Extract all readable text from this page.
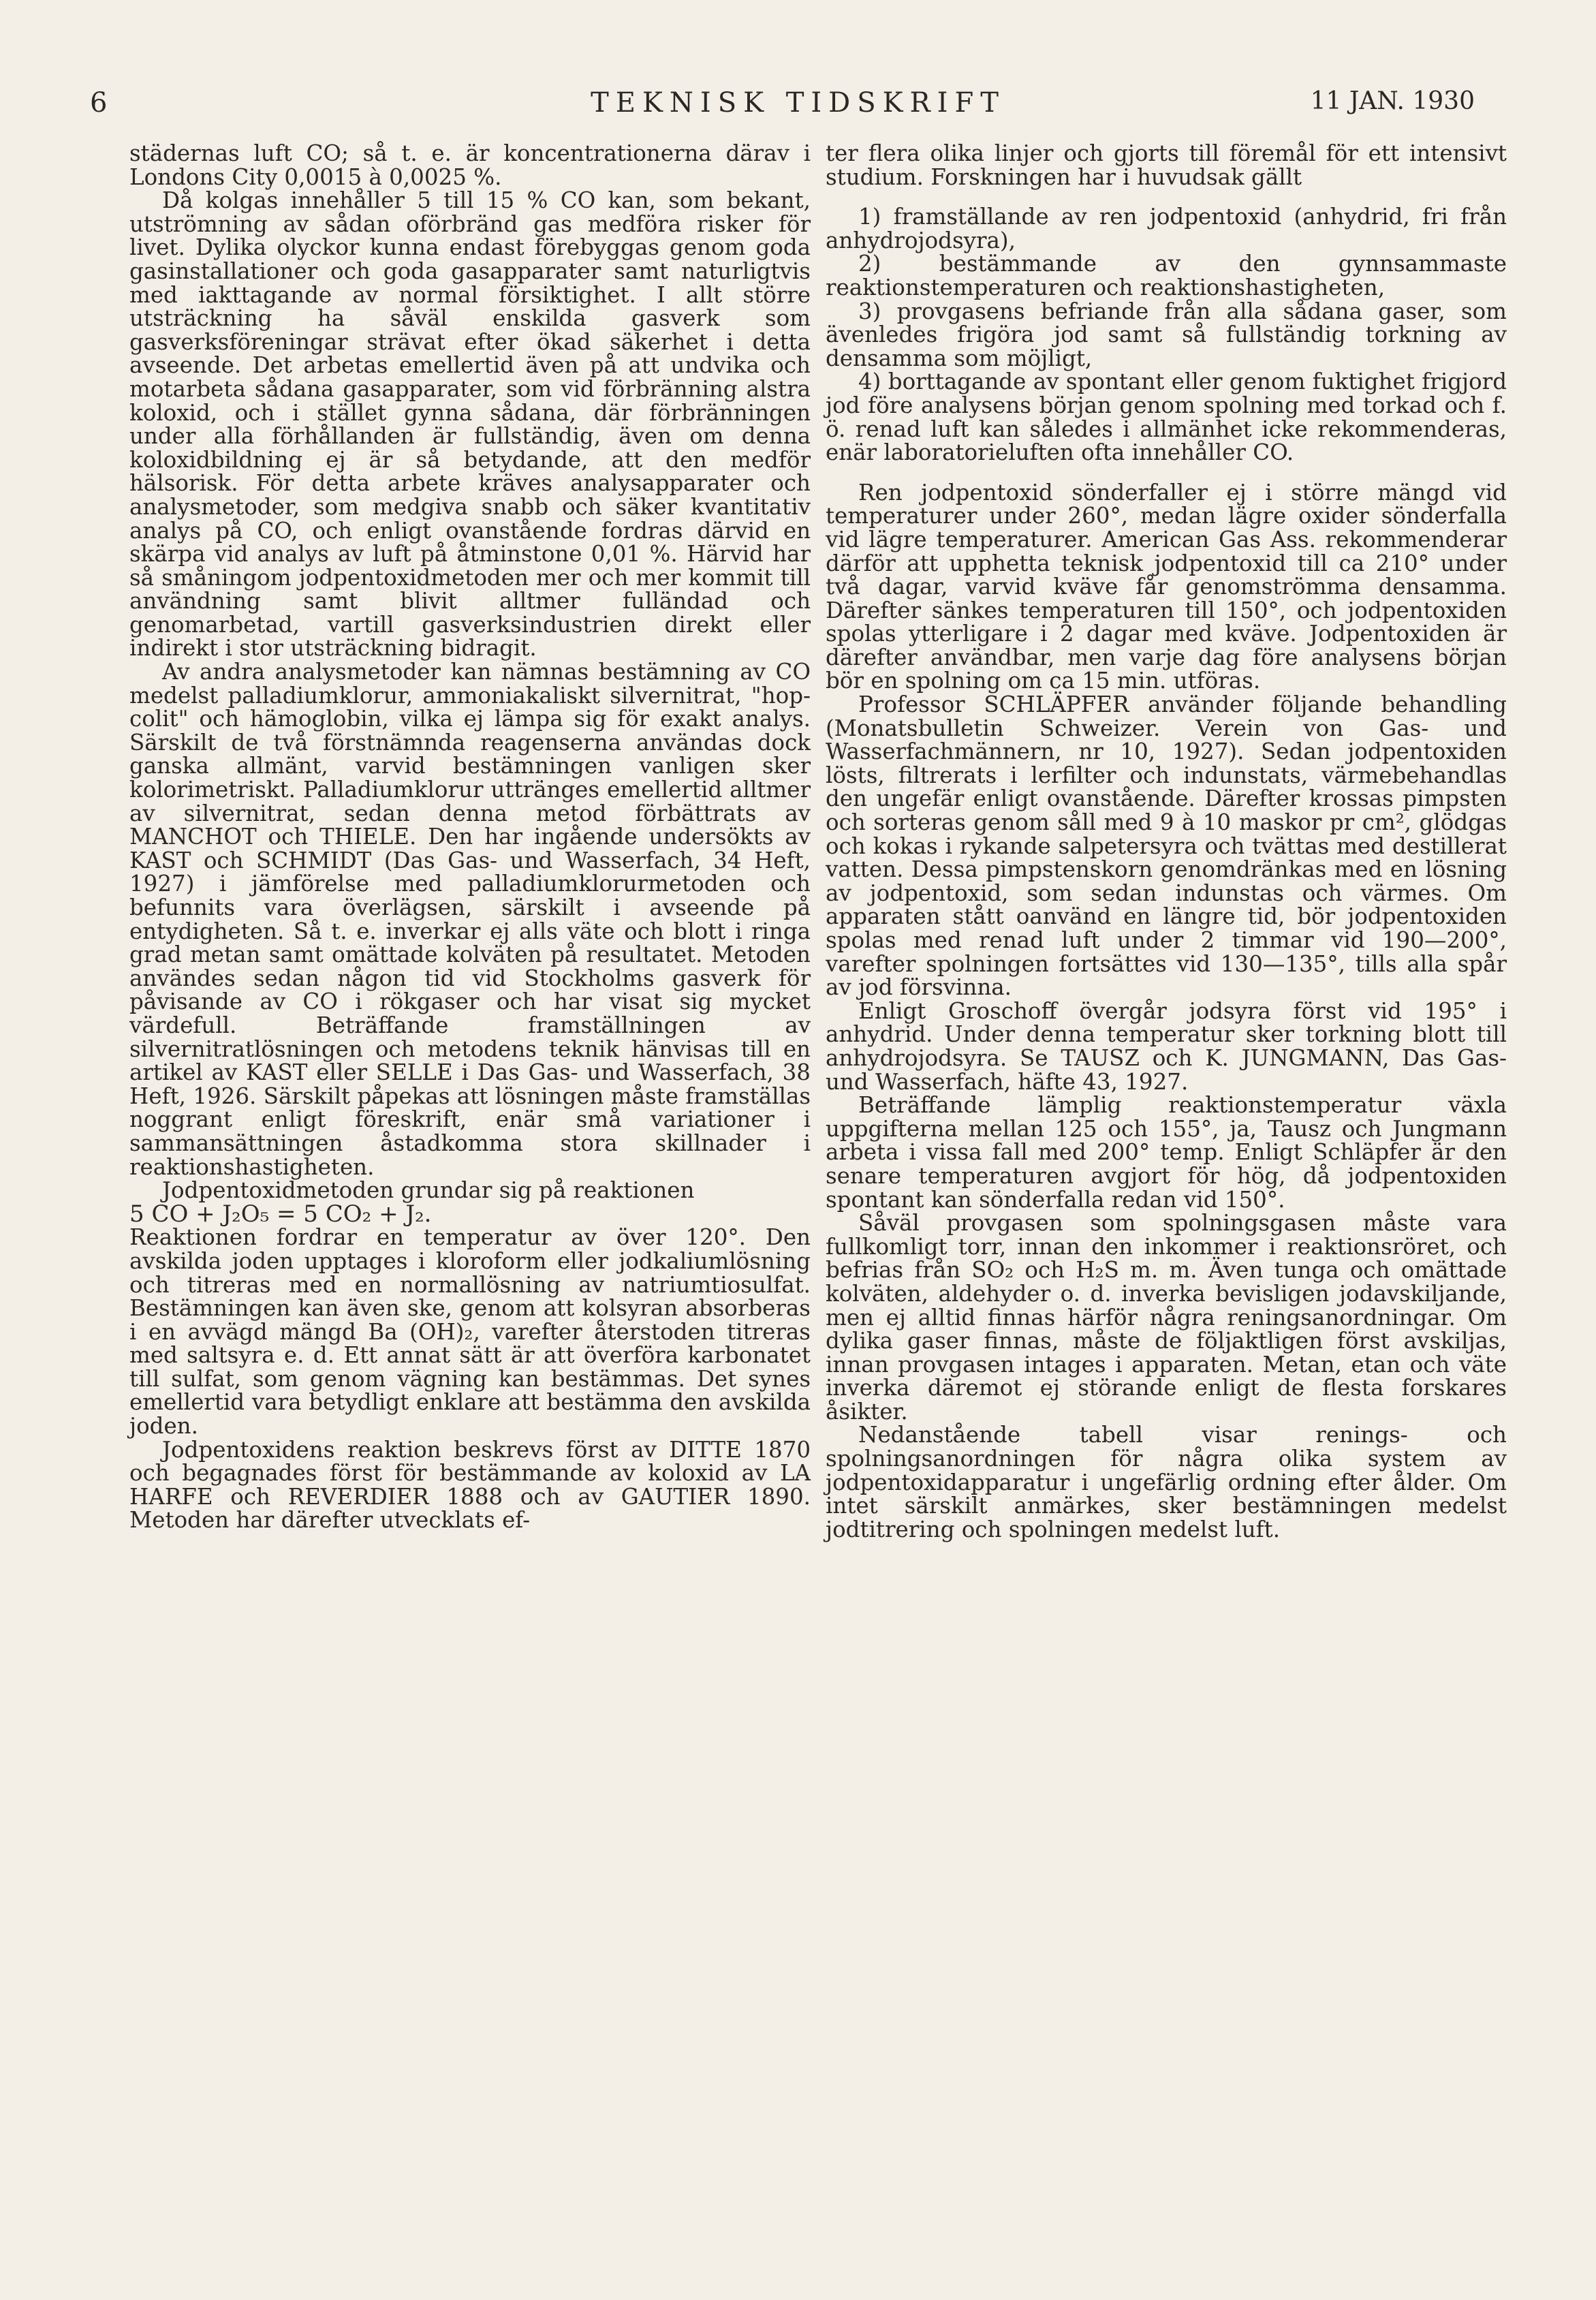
6	TEKNISK TIDSKRIFT	11 JAN. 1930

städernas luft CO; så t. e. är koncentrationerna därav i Londons City 0,0015 à 0,0025 %.

Då kolgas innehåller 5 till 15 % CO kan, som bekant, utströmning av sådan oförbränd gas medföra risker för livet. Dylika olyckor kunna endast förebyggas genom goda gasinstallationer och goda gasapparater samt naturligtvis med iakttagande av normal försiktighet. I allt större utsträckning ha såväl enskilda gasverk som gasverksföreningar strävat efter ökad säkerhet i detta avseende. Det arbetas emellertid även på att undvika och motarbeta sådana gasapparater, som vid förbränning alstra koloxid, och i stället gynna sådana, där förbränningen under alla förhållanden är fullständig, även om denna koloxidbildning ej är så betydande, att den medför hälsorisk. För detta arbete kräves analysapparater och analysmetoder, som medgiva snabb och säker kvantitativ analys på CO, och enligt ovanstående fordras därvid en skärpa vid analys av luft på åtminstone 0,01 %. Härvid har så småningom jodpentoxidmetoden mer och mer kommit till användning samt blivit alltmer fulländad och genomarbetad, vartill gasverksindustrien direkt eller indirekt i stor utsträckning bidragit.

Av andra analysmetoder kan nämnas bestämning av CO medelst palladiumklorur, ammoniakaliskt silvernitrat, "hop-colit" och hämoglobin, vilka ej lämpa sig för exakt analys. Särskilt de två förstnämnda reagenserna användas dock ganska allmänt, varvid bestämningen vanligen sker kolorimetriskt. Palladiumklorur uttränges emellertid alltmer av silvernitrat, sedan denna metod förbättrats av MANCHOT och THIELE. Den har ingående undersökts av KAST och SCHMIDT (Das Gas- und Wasserfach, 34 Heft, 1927) i jämförelse med palladiumklorurmetoden och befunnits vara överlägsen, särskilt i avseende på entydigheten. Så t. e. inverkar ej alls väte och blott i ringa grad metan samt omättade kolväten på resultatet. Metoden användes sedan någon tid vid Stockholms gasverk för påvisande av CO i rökgaser och har visat sig mycket värdefull. Beträffande framställningen av silvernitratlösningen och metodens teknik hänvisas till en artikel av KAST eller SELLE i Das Gas- und Wasserfach, 38 Heft, 1926. Särskilt påpekas att lösningen måste framställas noggrant enligt föreskrift, enär små variationer i sammansättningen åstadkomma stora skillnader i reaktionshastigheten.

Jodpentoxidmetoden grundar sig på reaktionen

5 CO + J₂O₅ = 5 CO₂ + J₂.

Reaktionen fordrar en temperatur av över 120°. Den avskilda joden upptages i kloroform eller jodkaliumlösning och titreras med en normallösning av natriumtiosulfat. Bestämningen kan även ske, genom att kolsyran absorberas i en avvägd mängd Ba (OH)₂, varefter återstoden titreras med saltsyra e. d. Ett annat sätt är att överföra karbonatet till sulfat, som genom vägning kan bestämmas. Det synes emellertid vara betydligt enklare att bestämma den avskilda joden.

Jodpentoxidens reaktion beskrevs först av DITTE 1870 och begagnades först för bestämmande av koloxid av LA HARFE och REVERDIER 1888 och av GAUTIER 1890. Metoden har därefter utvecklats ef-

ter flera olika linjer och gjorts till föremål för ett intensivt studium. Forskningen har i huvudsak gällt

1) framställande av ren jodpentoxid (anhydrid, fri från anhydrojodsyra),

2) bestämmande av den gynnsammaste reaktionstemperaturen och reaktionshastigheten,

3) provgasens befriande från alla sådana gaser, som ävenledes frigöra jod samt så fullständig torkning av densamma som möjligt,

4) borttagande av spontant eller genom fuktighet frigjord jod före analysens början genom spolning med torkad och f. ö. renad luft kan således i allmänhet icke rekommenderas, enär laboratorieluften ofta innehåller CO.

Ren jodpentoxid sönderfaller ej i större mängd vid temperaturer under 260°, medan lägre oxider sönderfalla vid lägre temperaturer. American Gas Ass. rekommenderar därför att upphetta teknisk jodpentoxid till ca 210° under två dagar, varvid kväve får genomströmma densamma. Därefter sänkes temperaturen till 150°, och jodpentoxiden spolas ytterligare i 2 dagar med kväve. Jodpentoxiden är därefter användbar, men varje dag före analysens början bör en spolning om ca 15 min. utföras.

Professor SCHLÄPFER använder följande behandling (Monatsbulletin Schweizer. Verein von Gas- und Wasserfachmännern, nr 10, 1927). Sedan jodpentoxiden lösts, filtrerats i lerfilter och indunstats, värmebehandlas den ungefär enligt ovanstående. Därefter krossas pimpsten och sorteras genom såll med 9 à 10 maskor pr cm², glödgas och kokas i rykande salpetersyra och tvättas med destillerat vatten. Dessa pimpstenskorn genomdränkas med en lösning av jodpentoxid, som sedan indunstas och värmes. Om apparaten stått oanvänd en längre tid, bör jodpentoxiden spolas med renad luft under 2 timmar vid 190—200°, varefter spolningen fortsättes vid 130—135°, tills alla spår av jod försvinna.

Enligt Groschoff övergår jodsyra först vid 195° i anhydrid. Under denna temperatur sker torkning blott till anhydrojodsyra. Se TAUSZ och K. JUNGMANN, Das Gas- und Wasserfach, häfte 43, 1927.

Beträffande lämplig reaktionstemperatur växla uppgifterna mellan 125 och 155°, ja, Tausz och Jungmann arbeta i vissa fall med 200° temp. Enligt Schläpfer är den senare temperaturen avgjort för hög, då jodpentoxiden spontant kan sönderfalla redan vid 150°.

Såväl provgasen som spolningsgasen måste vara fullkomligt torr, innan den inkommer i reaktionsröret, och befrias från SO₂ och H₂S m. m. Även tunga och omättade kolväten, aldehyder o. d. inverka bevisligen jodavskiljande, men ej alltid finnas härför några reningsanordningar. Om dylika gaser finnas, måste de följaktligen först avskiljas, innan provgasen intages i apparaten. Metan, etan och väte inverka däremot ej störande enligt de flesta forskares åsikter.

Nedanstående tabell visar renings- och spolningsanordningen för några olika system av jodpentoxidapparatur i ungefärlig ordning efter ålder. Om intet särskilt anmärkes, sker bestämningen medelst jodtitrering och spolningen medelst luft.
